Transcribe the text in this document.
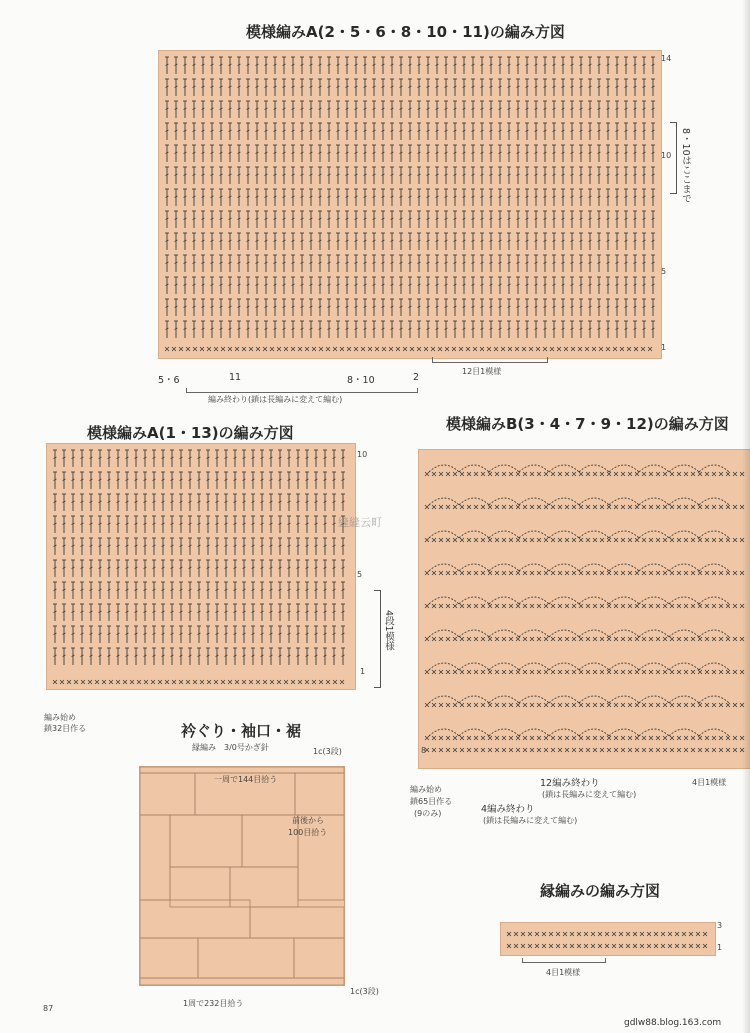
模様編みA(2・5・6・8・10・11)の編み方図
14
10
5
1
8・10はここまで
5・6	11	8・10	2
編み終わり(鎖は長編みに変えて編む)
12目1模様
模様編みA(1・13)の編み方図
10
5
1
4段1模様
編み始め
鎖32目作る
模様編みB(3・4・7・9・12)の編み方図
8
編み始め
鎖65目作る
(9のみ)
12編み終わり
(鎖は長編みに変えて編む)
4編み終わり
(鎖は長編みに変えて編む)
4目1模様
衿ぐり・袖口・裾
縁編み　3/0号かぎ針	1c(3段)
一周で144目拾う
前後から
100目拾う
1c(3段)
1周で232目拾う
縁編みの編み方図
3
1
4目1模様
87
縫縫云町
gdlw88.blog.163.com
